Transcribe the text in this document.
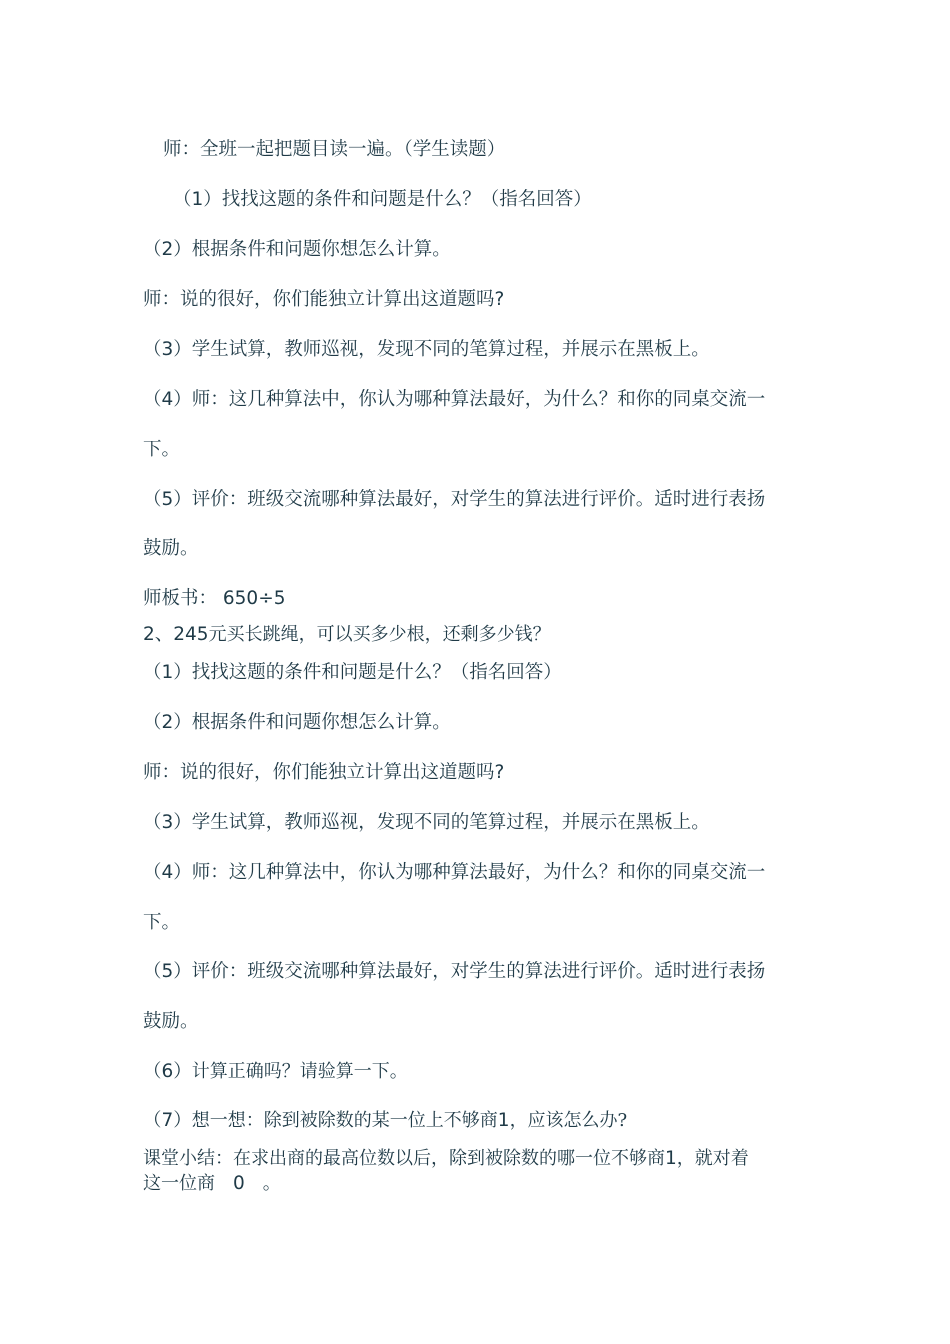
师：全班一起把题目读一遍。（学生读题）
（1）找找这题的条件和问题是什么？（指名回答）
（2）根据条件和问题你想怎么计算。
师：说的很好，你们能独立计算出这道题吗?
（3）学生试算，教师巡视，发现不同的笔算过程，并展示在黑板上。
（4）师：这几种算法中，你认为哪种算法最好，为什么？和你的同桌交流一
下。
（5）评价：班级交流哪种算法最好，对学生的算法进行评价。适时进行表扬
鼓励。
师板书： 650÷5
2、245元买长跳绳，可以买多少根，还剩多少钱？
（1）找找这题的条件和问题是什么？（指名回答）
（2）根据条件和问题你想怎么计算。
师：说的很好，你们能独立计算出这道题吗?
（3）学生试算，教师巡视，发现不同的笔算过程，并展示在黑板上。
（4）师：这几种算法中，你认为哪种算法最好，为什么？和你的同桌交流一
下。
（5）评价：班级交流哪种算法最好，对学生的算法进行评价。适时进行表扬
鼓励。
（6）计算正确吗？请验算一下。
（7）想一想：除到被除数的某一位上不够商1，应该怎么办?
课堂小结：在求出商的最高位数以后，除到被除数的哪一位不够商1，就对着
这一位商 0 。
